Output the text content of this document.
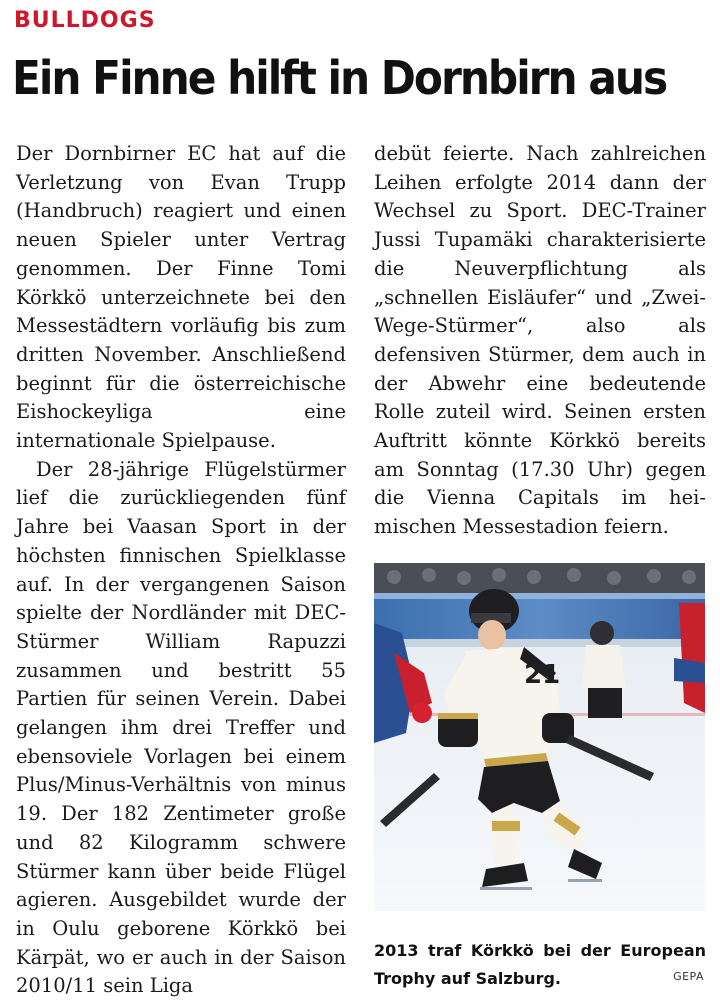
BULLDOGS
Ein Finne hilft in Dornbirn aus

Der Dornbirner EC hat auf die Verletzung von Evan Trupp (Handbruch) reagiert und einen neuen Spieler unter Vertrag genommen. Der Finne Tomi Körkkö unterzeichnete bei den Messestädtern vorläufig bis zum dritten November. Anschließend beginnt für die österreichische Eishockeyliga eine internationale Spielpause.

Der 28-jährige Flügelstürmer lief die zurückliegenden fünf Jahre bei Vaasan Sport in der höchsten finnischen Spielklasse auf. In der vergangenen Saison spielte der Nordländer mit DEC-Stürmer William Rapuzzi zusammen und bestritt 55 Partien für seinen Verein. Dabei gelangen ihm drei Treffer und ebensoviele Vorlagen bei einem Plus/Minus-Verhältnis von minus 19. Der 182 Zentimeter große und 82 Kilogramm schwere Stürmer kann über beide Flügel agieren. Ausgebildet wurde der in Oulu geborene Körkkö bei Kärpät, wo er auch in der Saison 2010/11 sein Liga

debüt feierte. Nach zahlreichen Leihen erfolgte 2014 dann der Wechsel zu Sport. DEC-Trainer Jussi Tupamäki charakterisierte die Neuverpflichtung als „schnellen Eisläufer“ und „Zwei-Wege-Stürmer“, also als defensiven Stürmer, dem auch in der Abwehr eine bedeutende Rolle zuteil wird. Seinen ersten Auftritt könnte Körkkö bereits am Sonntag (17.30 Uhr) gegen die Vienna Capitals im heimischen Messestadion feiern.

21
2013 traf Körkkö bei der European Trophy auf Salzburg.	GEPA
